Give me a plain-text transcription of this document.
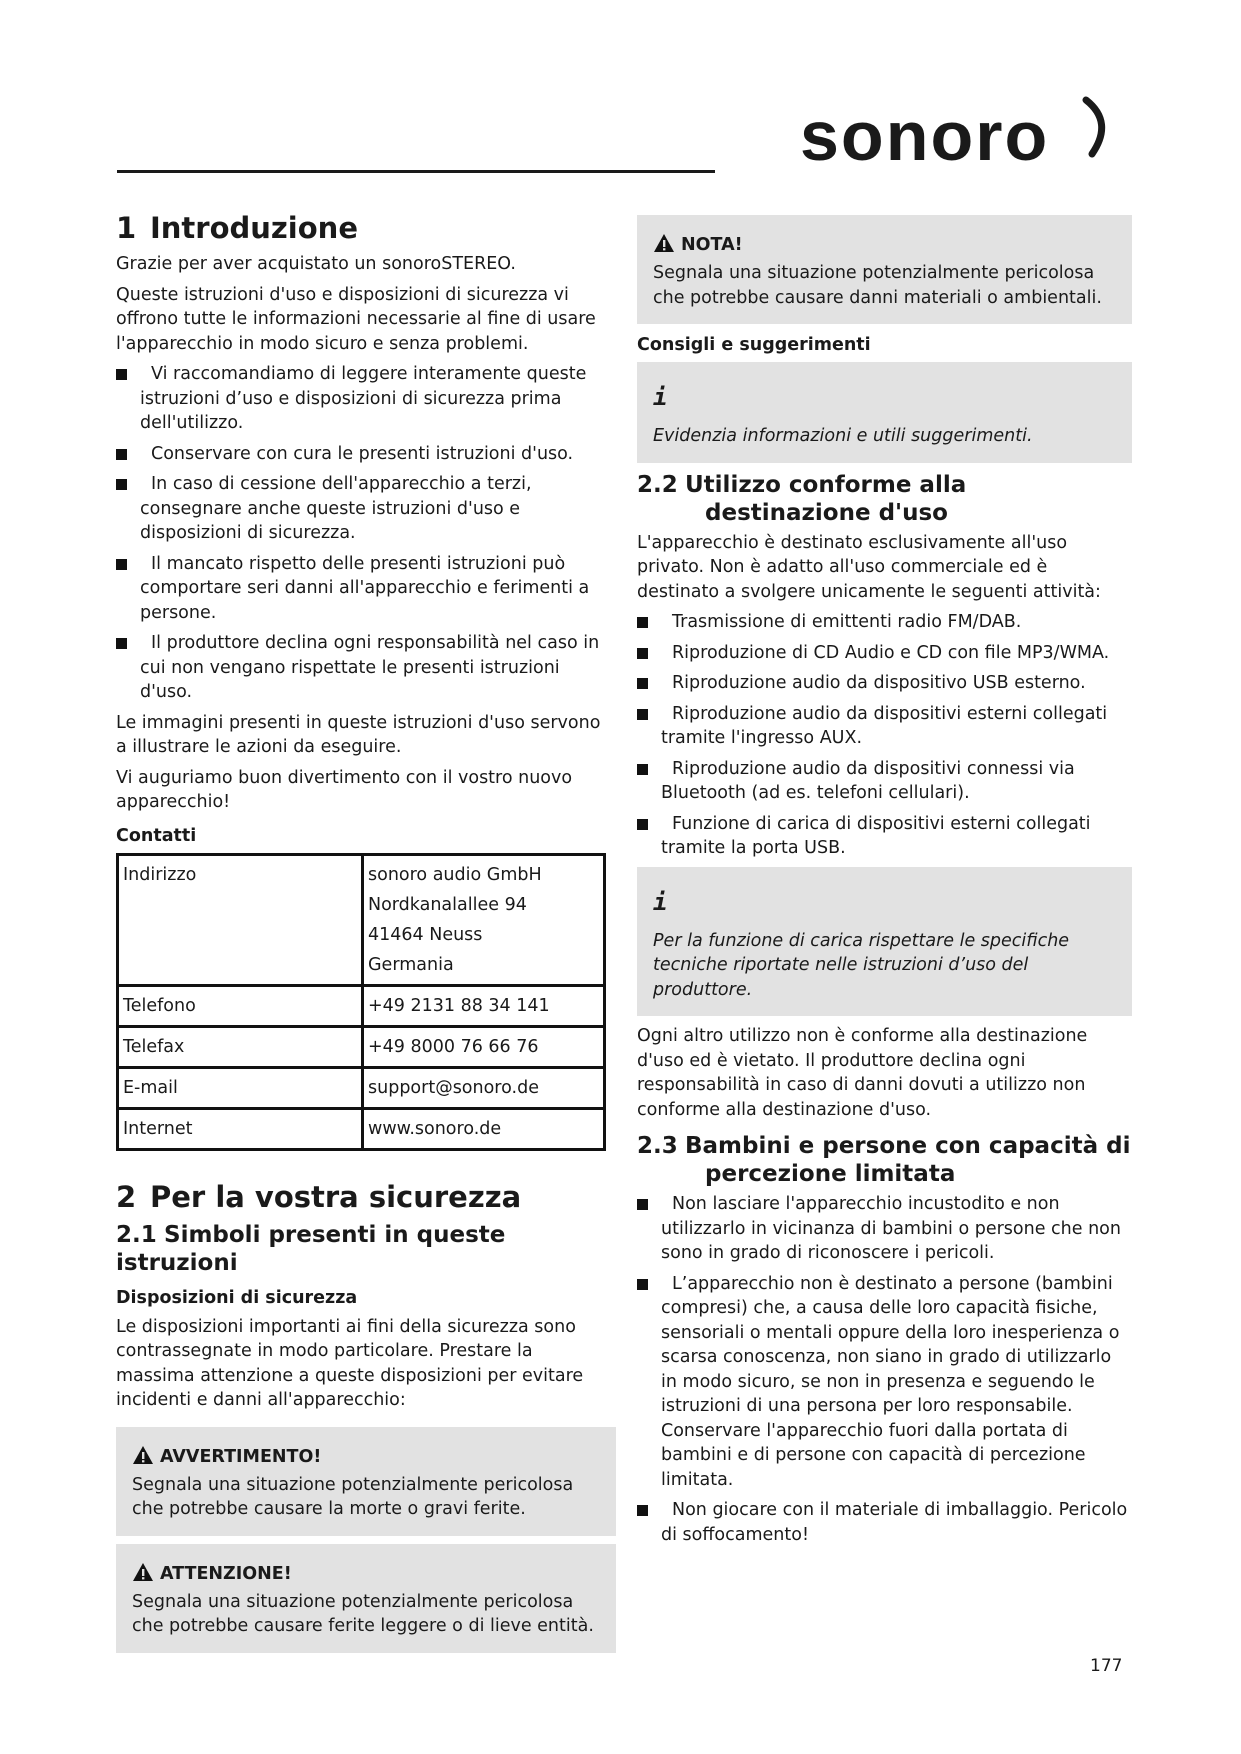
sonoro
1 Introduzione

Grazie per aver acquistato un sonoroSTEREO.

Queste istruzioni d'uso e disposizioni di sicurezza vi offrono tutte le informazioni necessarie al fine di usare l'apparecchio in modo sicuro e senza problemi.

Vi raccomandiamo di leggere interamente queste istruzioni d’uso e disposizioni di sicurezza prima dell'utilizzo.
Conservare con cura le presenti istruzioni d'uso.
In caso di cessione dell'apparecchio a terzi, consegnare anche queste istruzioni d'uso e disposizioni di sicurezza.
Il mancato rispetto delle presenti istruzioni può comportare seri danni all'apparecchio e ferimenti a persone.
Il produttore declina ogni responsabilità nel caso in cui non vengano rispettate le presenti istruzioni d'uso.

Le immagini presenti in queste istruzioni d'uso servono a illustrare le azioni da eseguire.

Vi auguriamo buon divertimento con il vostro nuovo apparecchio!

Contatti
Indirizzo	sonoro audio GmbH
Nordkanalallee 94
41464 Neuss
Germania

Telefono	+49 2131 88 34 141
Telefax	+49 8000 76 66 76
E-mail	support@sonoro.de
Internet	www.sonoro.de
2 Per la vostra sicurezza
2.1 Simboli presenti in queste istruzioni
Disposizioni di sicurezza

Le disposizioni importanti ai fini della sicurezza sono contrassegnate in modo particolare. Prestare la massima attenzione a queste disposizioni per evitare incidenti e danni all'apparecchio:

AVVERTIMENTO!

Segnala una situazione potenzialmente pericolosa che potrebbe causare la morte o gravi ferite.

ATTENZIONE!

Segnala una situazione potenzialmente pericolosa che potrebbe causare ferite leggere o di lieve entità.

NOTA!

Segnala una situazione potenzialmente pericolosa che potrebbe causare danni materiali o ambientali.

Consigli e suggerimenti
i

Evidenzia informazioni e utili suggerimenti.

2.2 Utilizzo conforme alla destinazione d'uso

L'apparecchio è destinato esclusivamente all'uso privato. Non è adatto all'uso commerciale ed è destinato a svolgere unicamente le seguenti attività:

Trasmissione di emittenti radio FM/DAB.
Riproduzione di CD Audio e CD con file MP3/WMA.
Riproduzione audio da dispositivo USB esterno.
Riproduzione audio da dispositivi esterni collegati tramite l'ingresso AUX.
Riproduzione audio da dispositivi connessi via Bluetooth (ad es. telefoni cellulari).
Funzione di carica di dispositivi esterni collegati tramite la porta USB.
i

Per la funzione di carica rispettare le specifiche tecniche riportate nelle istruzioni d’uso del produttore.

Ogni altro utilizzo non è conforme alla destinazione d'uso ed è vietato. Il produttore declina ogni responsabilità in caso di danni dovuti a utilizzo non conforme alla destinazione d'uso.

2.3 Bambini e persone con capacità di percezione limitata
Non lasciare l'apparecchio incustodito e non utilizzarlo in vicinanza di bambini o persone che non sono in grado di riconoscere i pericoli.
L’apparecchio non è destinato a persone (bambini compresi) che, a causa delle loro capacità fisiche, sensoriali o mentali oppure della loro inesperienza o scarsa conoscenza, non siano in grado di utilizzarlo in modo sicuro, se non in presenza e seguendo le istruzioni di una persona per loro responsabile. Conservare l'apparecchio fuori dalla portata di bambini e di persone con capacità di percezione limitata.
Non giocare con il materiale di imballaggio. Pericolo di soffocamento!
177
